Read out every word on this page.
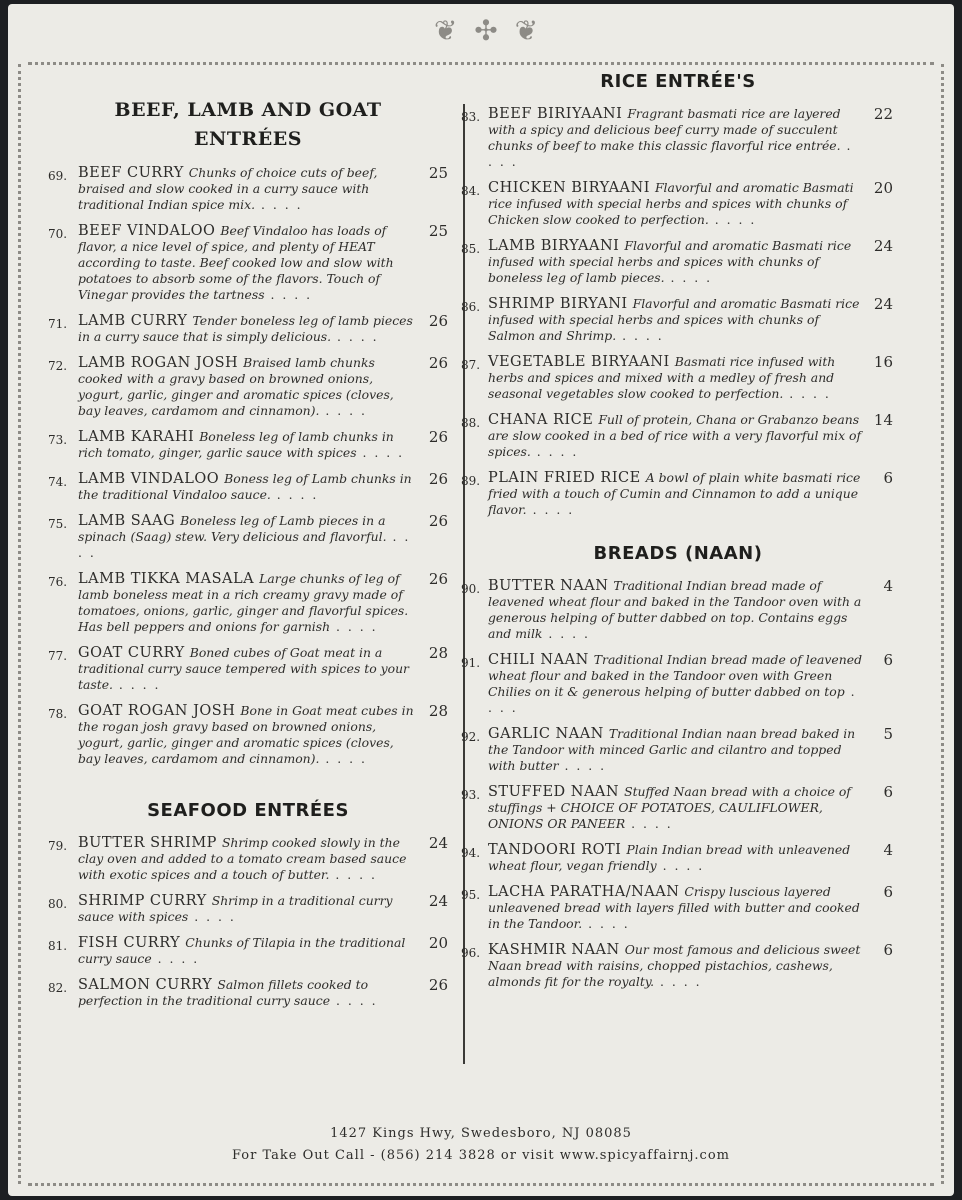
❦ ✣ ❦
BEEF, LAMB AND GOAT
ENTRÉES
69. BEEF CURRY Chunks of choice cuts of beef, braised and slow cooked in a curry sauce with traditional Indian spice mix. . . . .
25
70. BEEF VINDALOO Beef Vindaloo has loads of flavor, a nice level of spice, and plenty of HEAT according to taste. Beef cooked low and slow with potatoes to absorb some of the flavors. Touch of Vinegar provides the tartness . . . .
25
71. LAMB CURRY Tender boneless leg of lamb pieces in a curry sauce that is simply delicious. . . . .
26
72. LAMB ROGAN JOSH Braised lamb chunks cooked with a gravy based on browned onions, yogurt, garlic, ginger and aromatic spices (cloves, bay leaves, cardamom and cinnamon). . . . .
26
73. LAMB KARAHI Boneless leg of lamb chunks in rich tomato, ginger, garlic sauce with spices . . . .
26
74. LAMB VINDALOO Boness leg of Lamb chunks in the traditional Vindaloo sauce. . . . .
26
75. LAMB SAAG Boneless leg of Lamb pieces in a spinach (Saag) stew. Very delicious and flavorful. . . . .
26
76. LAMB TIKKA MASALA Large chunks of leg of lamb boneless meat in a rich creamy gravy made of tomatoes, onions, garlic, ginger and flavorful spices. Has bell peppers and onions for garnish . . . .
26
77. GOAT CURRY Boned cubes of Goat meat in a traditional curry sauce tempered with spices to your taste. . . . .
28
78. GOAT ROGAN JOSH Bone in Goat meat cubes in the rogan josh gravy based on browned onions, yogurt, garlic, ginger and aromatic spices (cloves, bay leaves, cardamom and cinnamon). . . . .
28
SEAFOOD ENTRÉES
79. BUTTER SHRIMP Shrimp cooked slowly in the clay oven and added to a tomato cream based sauce with exotic spices and a touch of butter. . . . .
24
80. SHRIMP CURRY Shrimp in a traditional curry sauce with spices . . . .
24
81. FISH CURRY Chunks of Tilapia in the traditional curry sauce . . . .
20
82. SALMON CURRY Salmon fillets cooked to perfection in the traditional curry sauce . . . .
26
RICE ENTRÉE'S
83. BEEF BIRIYAANI Fragrant basmati rice are layered with a spicy and delicious beef curry made of succulent chunks of beef to make this classic flavorful rice entrée. . . . .
22
84. CHICKEN BIRYAANI Flavorful and aromatic Basmati rice infused with special herbs and spices with chunks of Chicken slow cooked to perfection. . . . .
20
85. LAMB BIRYAANI Flavorful and aromatic Basmati rice infused with special herbs and spices with chunks of boneless leg of lamb pieces. . . . .
24
86. SHRIMP BIRYANI Flavorful and aromatic Basmati rice infused with special herbs and spices with chunks of Salmon and Shrimp. . . . .
24
87. VEGETABLE BIRYAANI Basmati rice infused with herbs and spices and mixed with a medley of fresh and seasonal vegetables slow cooked to perfection. . . . .
16
88. CHANA RICE Full of protein, Chana or Grabanzo beans are slow cooked in a bed of rice with a very flavorful mix of spices. . . . .
14
89. PLAIN FRIED RICE A bowl of plain white basmati rice fried with a touch of Cumin and Cinnamon to add a unique flavor. . . . .
6
BREADS (NAAN)
90. BUTTER NAAN Traditional Indian bread made of leavened wheat flour and baked in the Tandoor oven with a generous helping of butter dabbed on top. Contains eggs and milk . . . .
4
91. CHILI NAAN Traditional Indian bread made of leavened wheat flour and baked in the Tandoor oven with Green Chilies on it & generous helping of butter dabbed on top . . . .
6
92. GARLIC NAAN Traditional Indian naan bread baked in the Tandoor with minced Garlic and cilantro and topped with butter . . . .
5
93. STUFFED NAAN Stuffed Naan bread with a choice of stuffings + CHOICE OF POTATOES, CAULIFLOWER, ONIONS OR PANEER . . . .
6
94. TANDOORI ROTI Plain Indian bread with unleavened wheat flour, vegan friendly . . . .
4
95. LACHA PARATHA/NAAN Crispy luscious layered unleavened bread with layers filled with butter and cooked in the Tandoor. . . . .
6
96. KASHMIR NAAN Our most famous and delicious sweet Naan bread with raisins, chopped pistachios, cashews, almonds fit for the royalty. . . . .
6
1427 Kings Hwy, Swedesboro, NJ 08085
For Take Out Call - (856) 214 3828 or visit www.spicyaffairnj.com
